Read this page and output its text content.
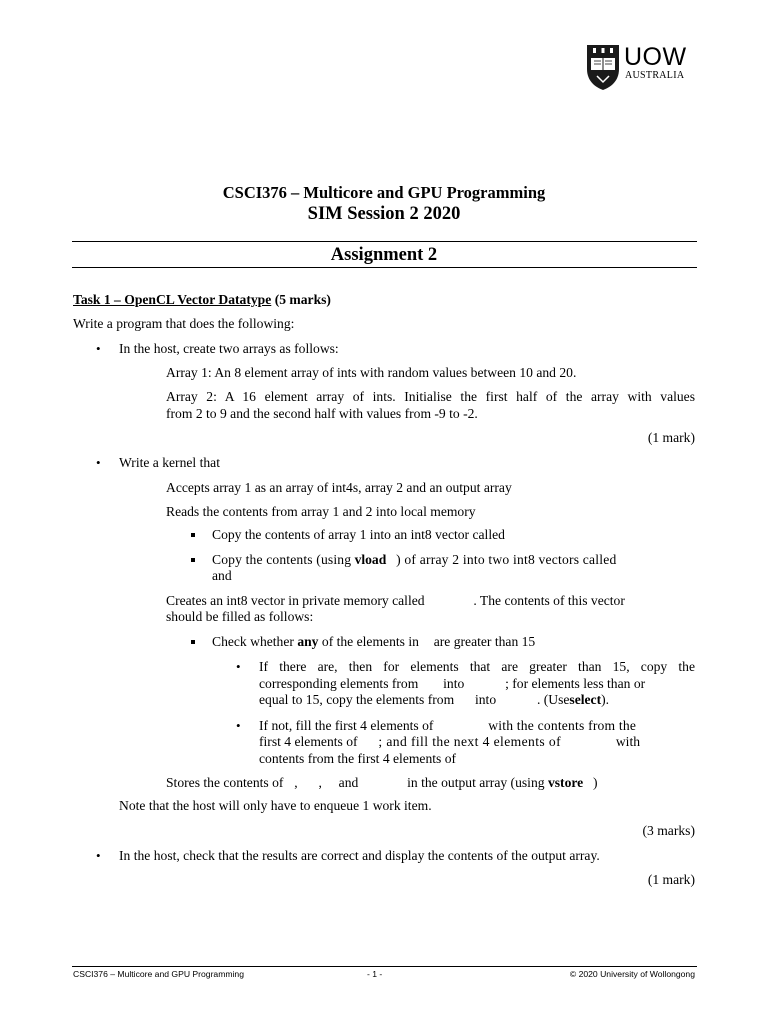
UOW
AUSTRALIA
CSCI376 – Multicore and GPU Programming
SIM Session 2 2020
Assignment 2
Task 1 – OpenCL Vector Datatype (5 marks)
Write a program that does the following:
• In the host, create two arrays as follows:
Array 1: An 8 element array of ints with random values between 10 and 20.
Array 2: A 16 element array of ints. Initialise the first half of the array with values
from 2 to 9 and the second half with values from -9 to -2.
(1 mark)
• Write a kernel that
Accepts array 1 as an array of int4s, array 2 and an output array
Reads the contents from array 1 and 2 into local memory
Copy the contents of array 1 into an int8 vector called
Copy the contents (using vload ) of array 2 into two int8 vectors called
and
Creates an int8 vector in private memory called	. The contents of this vector
should be filled as follows:
Check whether any of the elements in are greater than 15
• If there are, then for elements that are greater than 15, copy the
corresponding elements from into	; for elements less than or
equal to 15, copy the elements from into	. (Useselect).
• If not, fill the first 4 elements of	with the contents from the
first 4 elements of ; and fill the next 4 elements of	with
contents from the first 4 elements of
Stores the contents of , , and	in the output array (using vstore )
Note that the host will only have to enqueue 1 work item.
(3 marks)
• In the host, check that the results are correct and display the contents of the output array.
(1 mark)
CSCI376 – Multicore and GPU Programming	- 1 -	© 2020 University of Wollongong
